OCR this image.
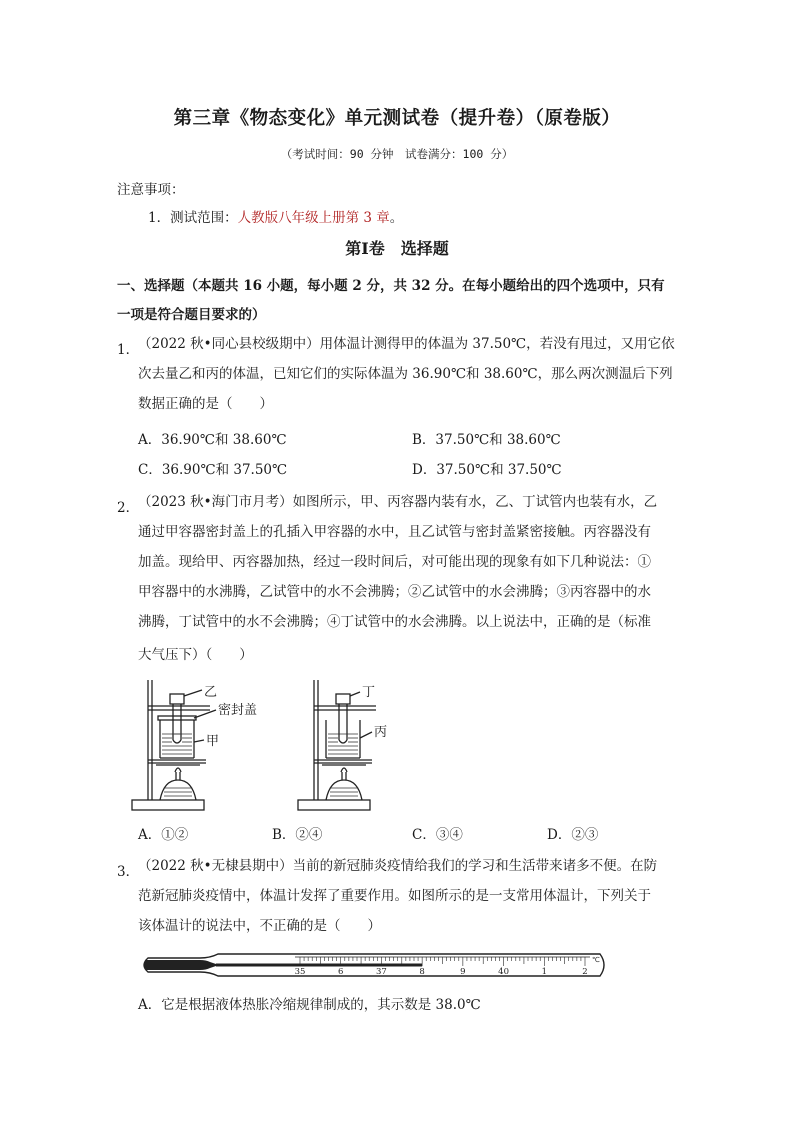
第三章《物态变化》单元测试卷（提升卷）（原卷版）
（考试时间：90 分钟　试卷满分：100 分）
注意事项：
1．测试范围：人教版八年级上册第 3 章。
第Ⅰ卷　选择题
一、选择题（本题共 16 小题，每小题 2 分，共 32 分。在每小题给出的四个选项中，只有
一项是符合题目要求的）
1．
（2022 秋•同心县校级期中）用体温计测得甲的体温为 37.50℃，若没有甩过，又用它依
次去量乙和丙的体温，已知它们的实际体温为 36.90℃和 38.60℃，那么两次测温后下列
数据正确的是（　　）
A．36.90℃和 38.60℃	B．37.50℃和 38.60℃
C．36.90℃和 37.50℃	D．37.50℃和 37.50℃
2．
（2023 秋•海门市月考）如图所示，甲、丙容器内装有水，乙、丁试管内也装有水，乙
通过甲容器密封盖上的孔插入甲容器的水中，且乙试管与密封盖紧密接触。丙容器没有
加盖。现给甲、丙容器加热，经过一段时间后，对可能出现的现象有如下几种说法：①
甲容器中的水沸腾，乙试管中的水不会沸腾；②乙试管中的水会沸腾；③丙容器中的水
沸腾，丁试管中的水不会沸腾；④丁试管中的水会沸腾。以上说法中，正确的是（标准
大气压下）（　　）
乙
密封盖
甲
丁
丙
A．①②	B．②④	C．③④	D．②③
3．
（2022 秋•无棣县期中）当前的新冠肺炎疫情给我们的学习和生活带来诸多不便。在防
范新冠肺炎疫情中，体温计发挥了重要作用。如图所示的是一支常用体温计，下列关于
该体温计的说法中，不正确的是（　　）
35	6	37	8	9	40	1	2
℃
A．它是根据液体热胀冷缩规律制成的，其示数是 38.0℃
